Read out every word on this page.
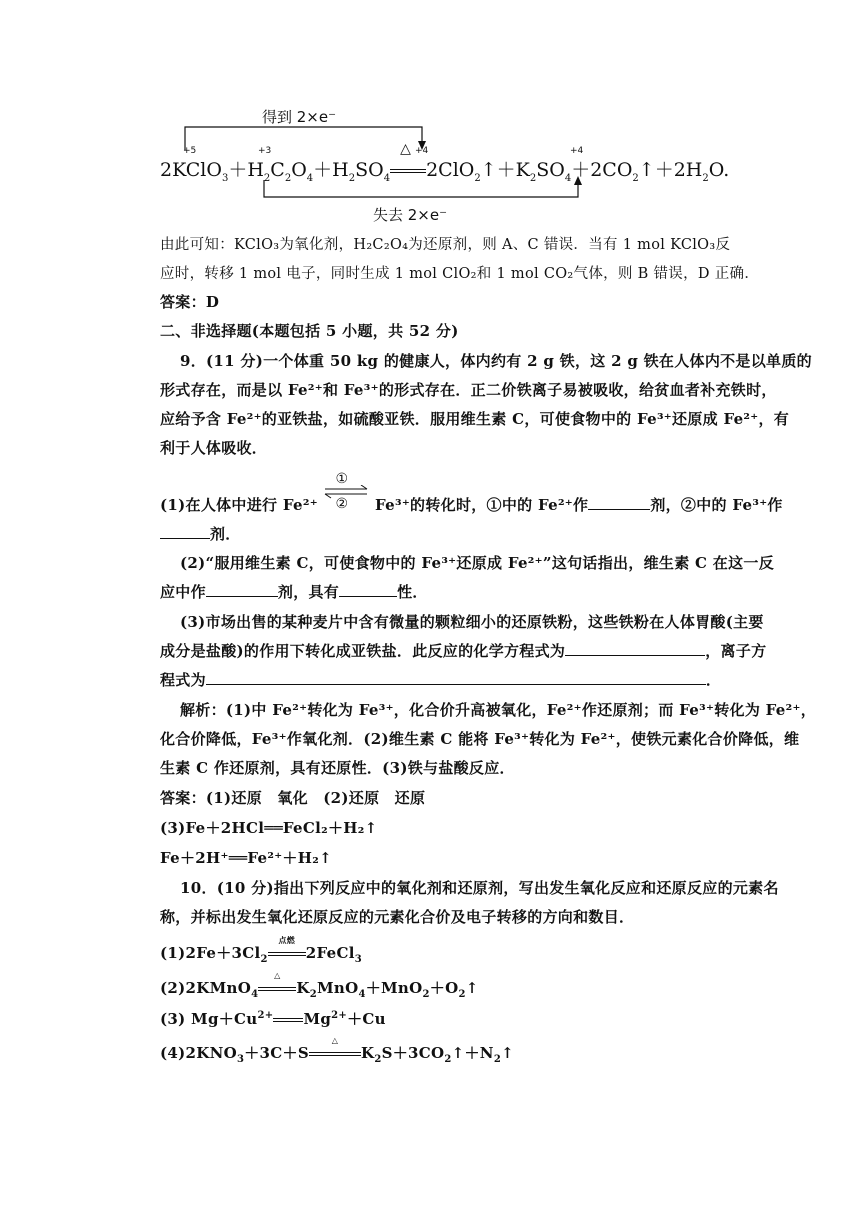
得到 2×e⁻
+5	+3	+4	+4
$2KClO_3+H_2C_2O_4+H_2SO_4$
△
$2ClO_2↑+K_2SO_4+2CO_2↑+2H_2O$.
失去 2×e⁻
由此可知：KClO₃为氧化剂，H₂C₂O₄为还原剂，则 A、C 错误．当有 1 mol KClO₃反
应时，转移 1 mol 电子，同时生成 1 mol ClO₂和 1 mol CO₂气体，则 B 错误，D 正确．
答案：D
二、非选择题(本题包括 5 小题，共 52 分)
9．(11 分)一个体重 50 kg 的健康人，体内约有 2 g 铁，这 2 g 铁在人体内不是以单质的
形式存在，而是以 Fe²⁺和 Fe³⁺的形式存在．正二价铁离子易被吸收，给贫血者补充铁时，
应给予含 Fe²⁺的亚铁盐，如硫酸亚铁．服用维生素 C，可使食物中的 Fe³⁺还原成 Fe²⁺，有
利于人体吸收．
(1)在人体中进行 Fe²⁺
①
② Fe³⁺的转化时，①中的 Fe²⁺作	剂，②中的 Fe³⁺作
剂．
(2)“服用维生素 C，可使食物中的 Fe³⁺还原成 Fe²⁺”这句话指出，维生素 C 在这一反
应中作	剂，具有	性．
(3)市场出售的某种麦片中含有微量的颗粒细小的还原铁粉，这些铁粉在人体胃酸(主要
成分是盐酸)的作用下转化成亚铁盐．此反应的化学方程式为	，离子方
程式为	．
解析：(1)中 Fe²⁺转化为 Fe³⁺，化合价升高被氧化，Fe²⁺作还原剂；而 Fe³⁺转化为 Fe²⁺，
化合价降低，Fe³⁺作氧化剂．(2)维生素 C 能将 Fe³⁺转化为 Fe²⁺，使铁元素化合价降低，维
生素 C 作还原剂，具有还原性．(3)铁与盐酸反应．
答案：(1)还原　氧化　(2)还原　还原
(3)Fe＋2HCl══FeCl₂＋H₂↑
Fe＋2H⁺══Fe²⁺＋H₂↑
10．(10 分)指出下列反应中的氧化剂和还原剂，写出发生氧化反应和还原反应的元素名
称，并标出发生氧化还原反应的元素化合价及电子转移的方向和数目．
$(1)2Fe+3Cl_2$
点燃
2FeCl$_3$
(2)2KMnO$_4$
△
$K_2MnO_4+MnO_2+O_2↑$
(3) $Mg+Cu^{2+}$ $Mg^{2+}+Cu$
$(4)2KNO_3+3C+S$
△
$K_2S+3CO_2↑+N_2↑$
